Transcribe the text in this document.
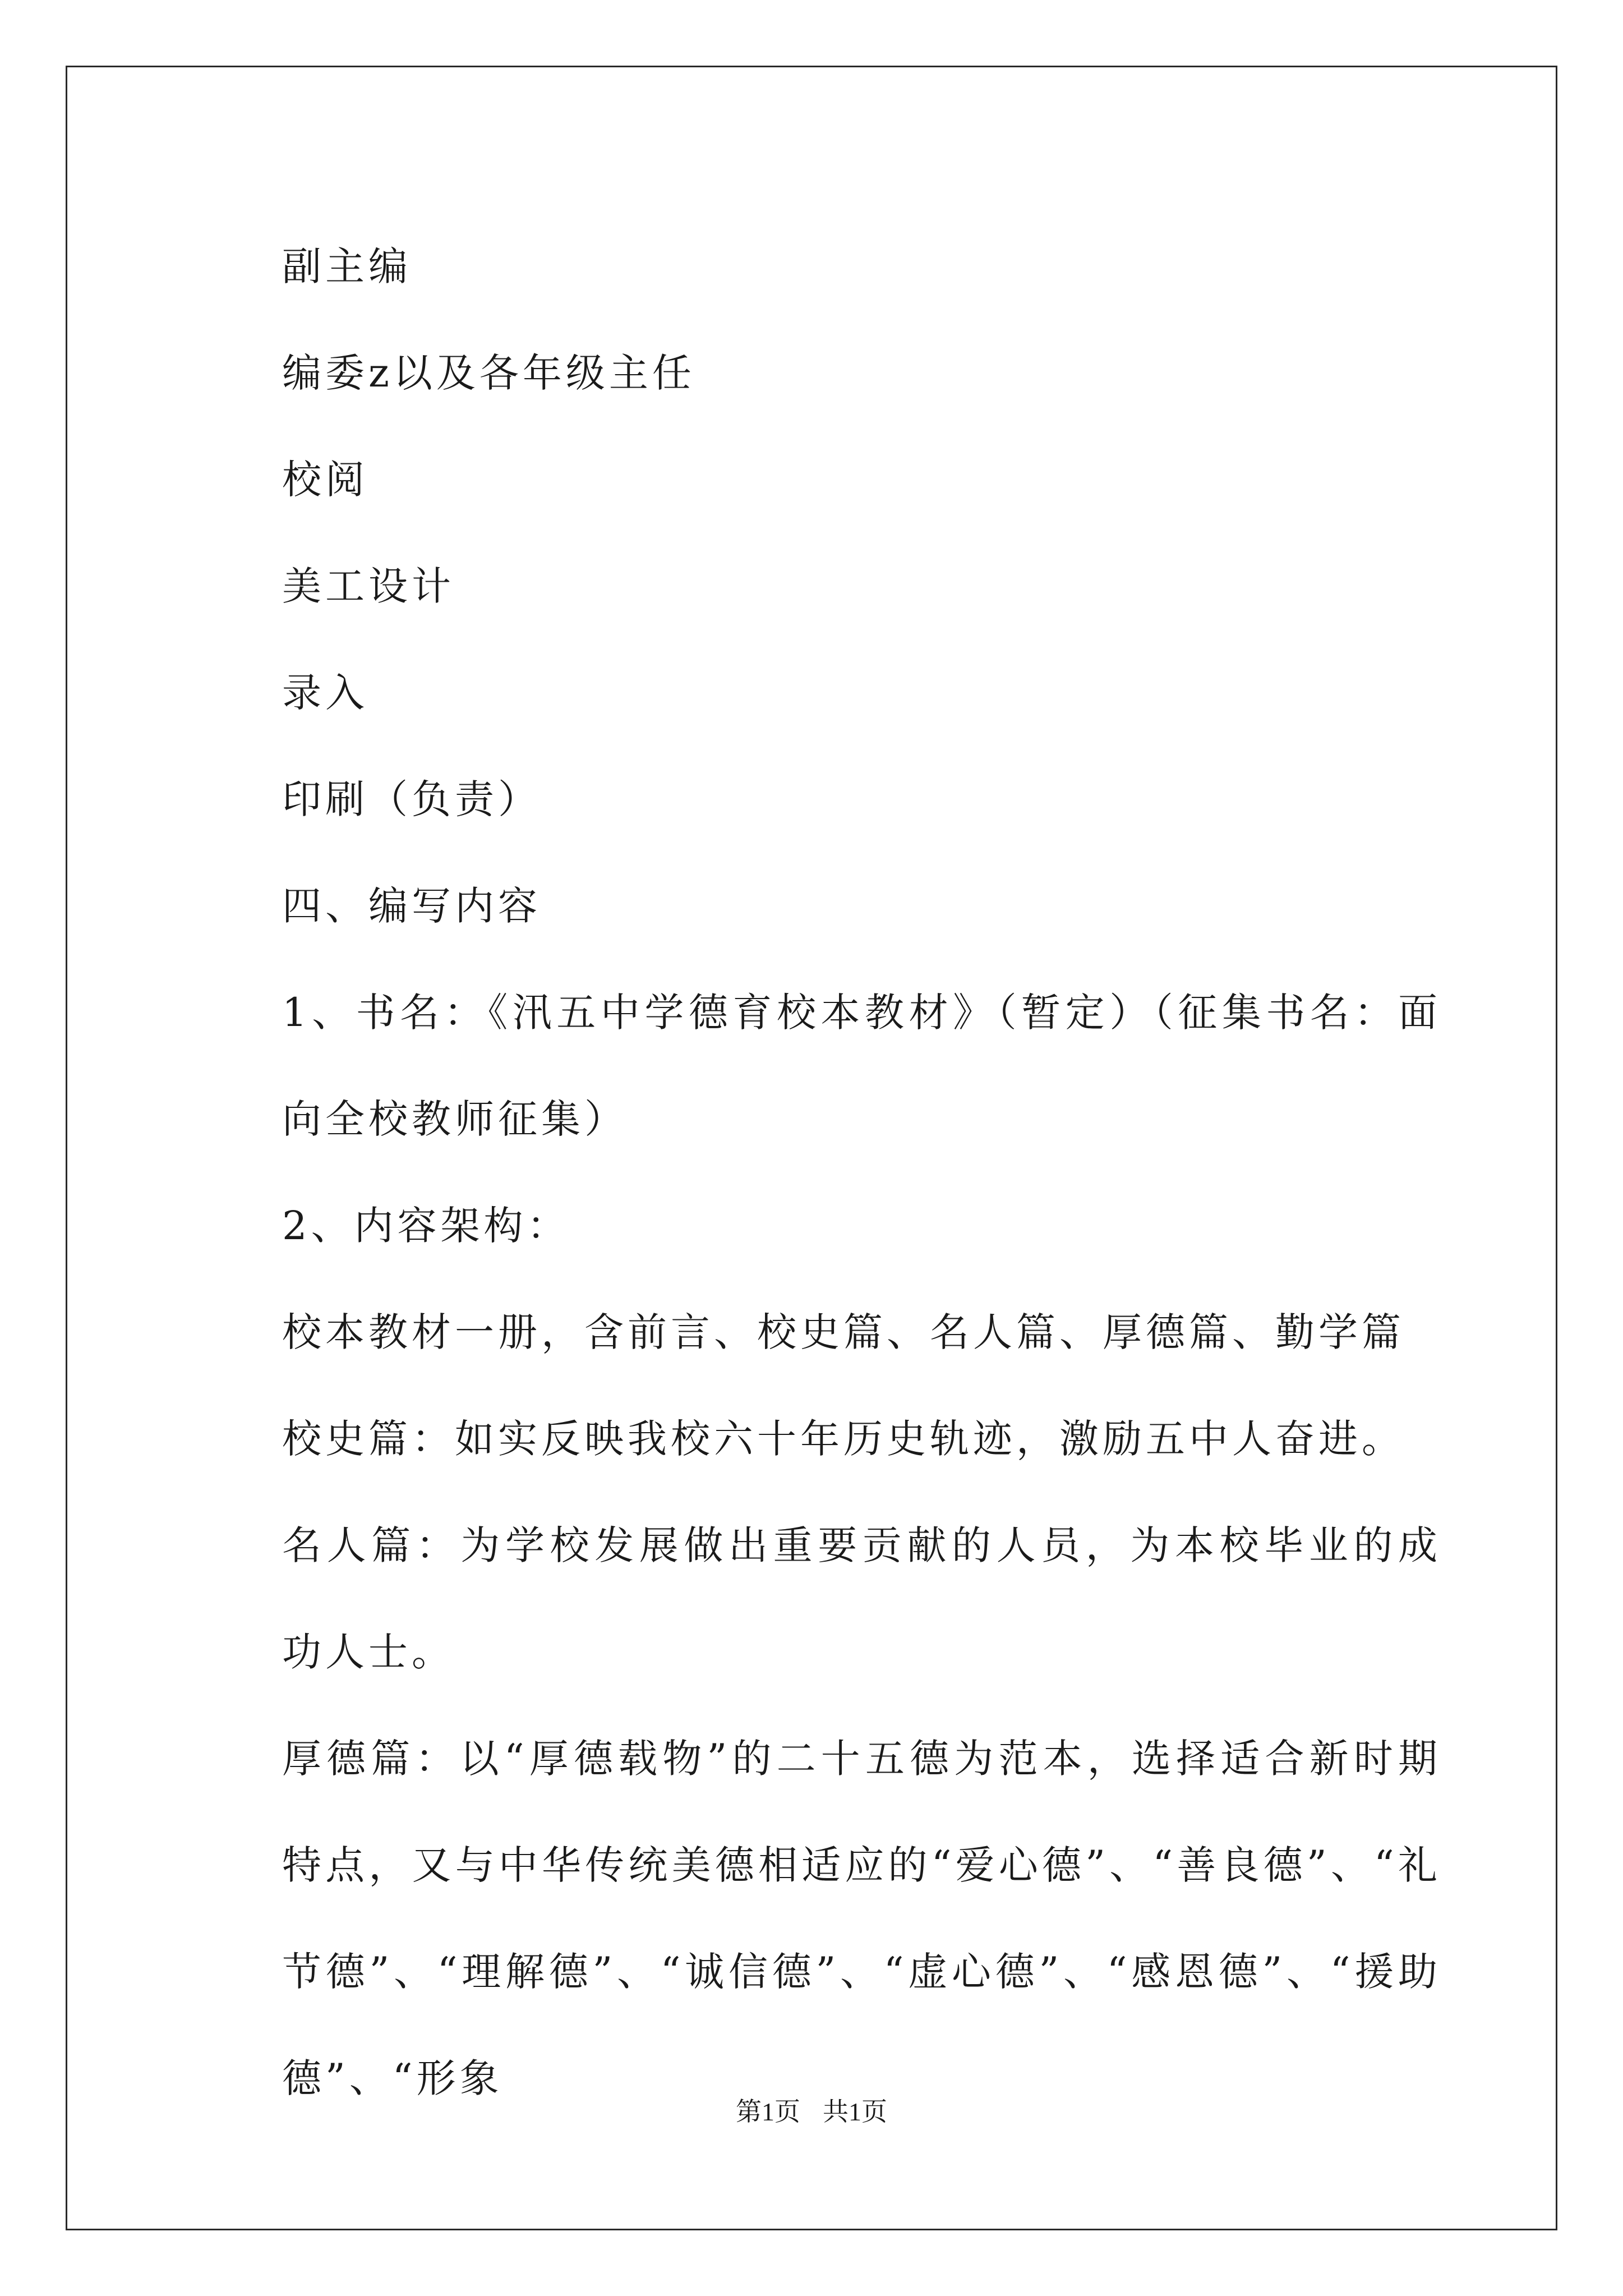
副主编

编委z以及各年级主任

校阅

美工设计

录入

印刷（负责）

四、编写内容

1、书名：《汛五中学德育校本教材》（暂定）（征集书名：面向全校教师征集）

2、内容架构：

校本教材一册，含前言、校史篇、名人篇、厚德篇、勤学篇

校史篇：如实反映我校六十年历史轨迹，激励五中人奋进。

名人篇：为学校发展做出重要贡献的人员，为本校毕业的成功人士。

厚德篇：以“厚德载物”的二十五德为范本，选择适合新时期特点，又与中华传统美德相适应的“爱心德”、“善良德”、“礼节德”、“理解德”、“诚信德”、“虚心德”、“感恩德”、“援助德”、“形象

第1页 共1页
